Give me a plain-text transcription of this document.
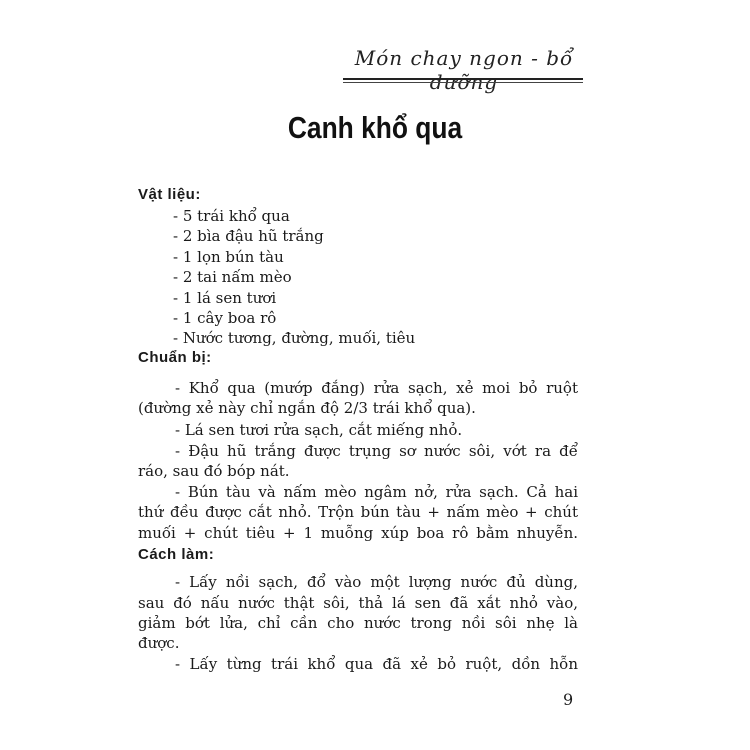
Món chay ngon - bổ
Canh khổ qua
Vật liệu:
- 5 trái khổ qua
- 2 bìa đậu hũ trắng
- 1 lọn bún tàu
- 2 tai nấm mèo
- 1 lá sen tươi
- 1 cây boa rô
- Nước tương, đường, muối, tiêu
Chuẩn bị:
- Khổ qua (mướp đắng) rửa sạch, xẻ moi bỏ ruột
(đường xẻ này chỉ ngắn độ 2/3 trái khổ qua).
- Lá sen tươi rửa sạch, cắt miếng nhỏ.
- Đậu hũ trắng được trụng sơ nước sôi, vớt ra để
ráo, sau đó bóp nát.
- Bún tàu và nấm mèo ngâm nở, rửa sạch. Cả hai
thứ đều được cắt nhỏ. Trộn bún tàu + nấm mèo + chút
muối + chút tiêu + 1 muỗng xúp boa rô bằm nhuyễn.
Cách làm:
- Lấy nồi sạch, đổ vào một lượng nước đủ dùng,
sau đó nấu nước thật sôi, thả lá sen đã xắt nhỏ vào,
giảm bớt lửa, chỉ cần cho nước trong nồi sôi nhẹ là
được.
- Lấy từng trái khổ qua đã xẻ bỏ ruột, dồn hỗn
9
